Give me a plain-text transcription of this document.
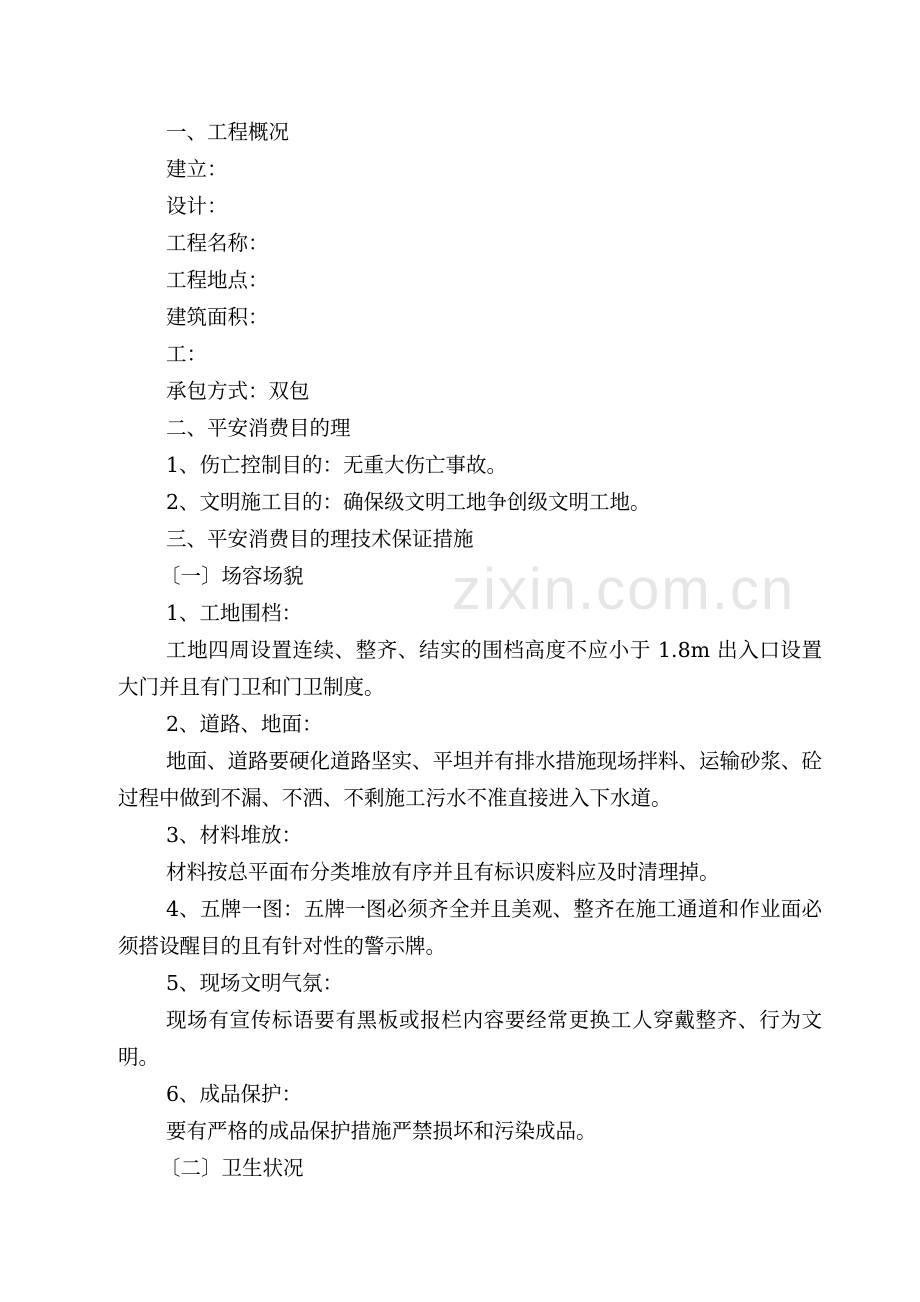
zixin.com.cn

一、工程概况

建立：

设计：

工程名称：

工程地点：

建筑面积：

工：

承包方式：双包

二、平安消费目的理

1、伤亡控制目的：无重大伤亡事故。

2、文明施工目的：确保级文明工地争创级文明工地。

三、平安消费目的理技术保证措施

〔一〕场容场貌

1、工地围档：

工地四周设置连续、整齐、结实的围档高度不应小于 1.8m 出入口设置大门并且有门卫和门卫制度。

2、道路、地面：

地面、道路要硬化道路坚实、平坦并有排水措施现场拌料、运输砂浆、砼过程中做到不漏、不洒、不剩施工污水不准直接进入下水道。

3、材料堆放：

材料按总平面布分类堆放有序并且有标识废料应及时清理掉。

4、五牌一图：五牌一图必须齐全并且美观、整齐在施工通道和作业面必须搭设醒目的且有针对性的警示牌。

5、现场文明气氛：

现场有宣传标语要有黑板或报栏内容要经常更换工人穿戴整齐、行为文明。

6、成品保护：

要有严格的成品保护措施严禁损坏和污染成品。

〔二〕卫生状况
